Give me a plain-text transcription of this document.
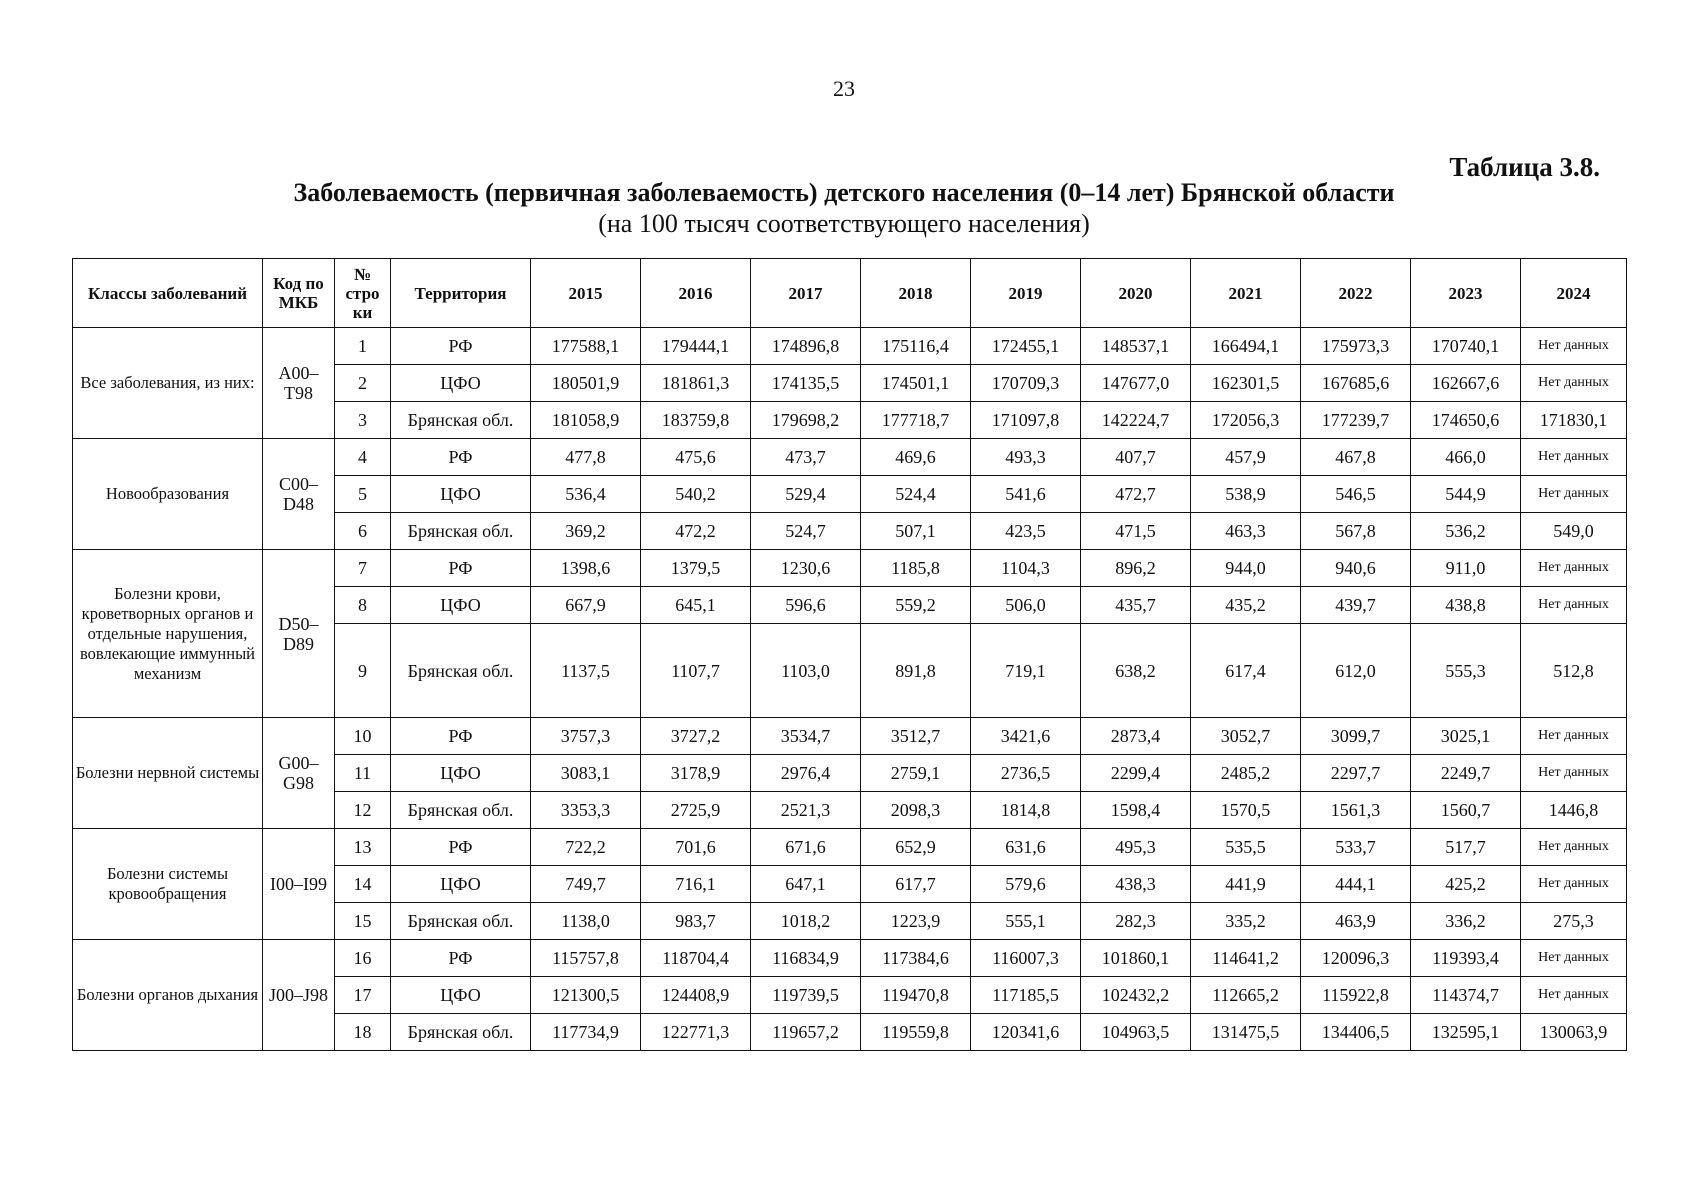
23
Таблица 3.8.
Заболеваемость (первичная заболеваемость) детского населения (0–14 лет) Брянской области
(на 100 тысяч соответствующего населения)
Классы заболеваний	Код по МКБ	№ стро ки	Территория	2015	2016	2017	2018	2019	2020	2021	2022	2023	2024
Все заболевания, из них:	А00–Т98	1	РФ	177588,1	179444,1	174896,8	175116,4	172455,1	148537,1	166494,1	175973,3	170740,1	Нет данных
		2	ЦФО	180501,9	181861,3	174135,5	174501,1	170709,3	147677,0	162301,5	167685,6	162667,6	Нет данных
		3	Брянская обл.	181058,9	183759,8	179698,2	177718,7	171097,8	142224,7	172056,3	177239,7	174650,6	171830,1
Новообразования	C00–D48	4	РФ	477,8	475,6	473,7	469,6	493,3	407,7	457,9	467,8	466,0	Нет данных
		5	ЦФО	536,4	540,2	529,4	524,4	541,6	472,7	538,9	546,5	544,9	Нет данных
		6	Брянская обл.	369,2	472,2	524,7	507,1	423,5	471,5	463,3	567,8	536,2	549,0
Болезни крови, кроветворных органов и отдельные нарушения, вовлекающие иммунный механизм	D50–D89	7	РФ	1398,6	1379,5	1230,6	1185,8	1104,3	896,2	944,0	940,6	911,0	Нет данных
		8	ЦФО	667,9	645,1	596,6	559,2	506,0	435,7	435,2	439,7	438,8	Нет данных
		9	Брянская обл.	1137,5	1107,7	1103,0	891,8	719,1	638,2	617,4	612,0	555,3	512,8
Болезни нервной системы	G00–G98	10	РФ	3757,3	3727,2	3534,7	3512,7	3421,6	2873,4	3052,7	3099,7	3025,1	Нет данных
		11	ЦФО	3083,1	3178,9	2976,4	2759,1	2736,5	2299,4	2485,2	2297,7	2249,7	Нет данных
		12	Брянская обл.	3353,3	2725,9	2521,3	2098,3	1814,8	1598,4	1570,5	1561,3	1560,7	1446,8
Болезни системы кровообращения	I00–I99	13	РФ	722,2	701,6	671,6	652,9	631,6	495,3	535,5	533,7	517,7	Нет данных
		14	ЦФО	749,7	716,1	647,1	617,7	579,6	438,3	441,9	444,1	425,2	Нет данных
		15	Брянская обл.	1138,0	983,7	1018,2	1223,9	555,1	282,3	335,2	463,9	336,2	275,3
Болезни органов дыхания	J00–J98	16	РФ	115757,8	118704,4	116834,9	117384,6	116007,3	101860,1	114641,2	120096,3	119393,4	Нет данных
		17	ЦФО	121300,5	124408,9	119739,5	119470,8	117185,5	102432,2	112665,2	115922,8	114374,7	Нет данных
		18	Брянская обл.	117734,9	122771,3	119657,2	119559,8	120341,6	104963,5	131475,5	134406,5	132595,1	130063,9
